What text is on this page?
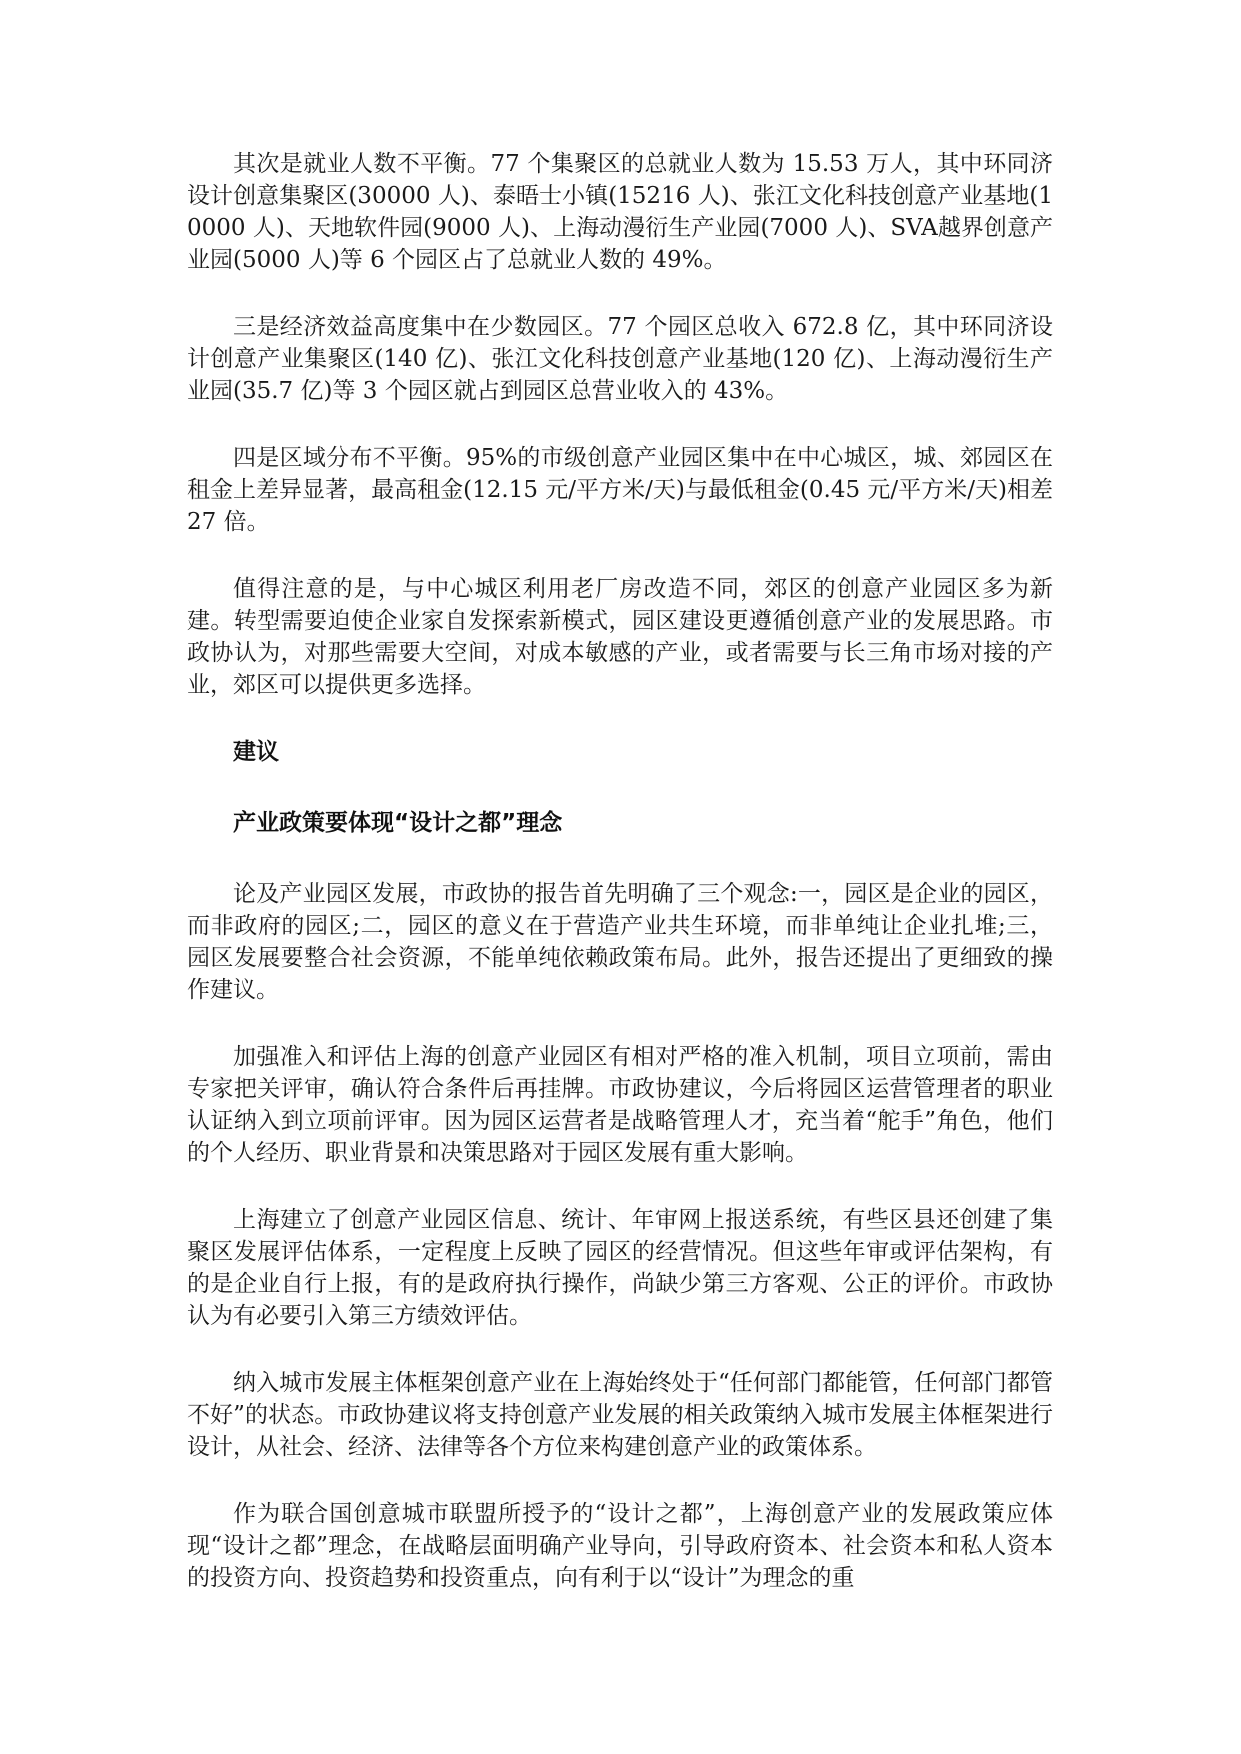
其次是就业人数不平衡。77 个集聚区的总就业人数为 15.53 万人，其中环同济设计创意集聚区(30000 人)、泰晤士小镇(15216 人)、张江文化科技创意产业基地(10000 人)、天地软件园(9000 人)、上海动漫衍生产业园(7000 人)、SVA越界创意产业园(5000 人)等 6 个园区占了总就业人数的 49%。

三是经济效益高度集中在少数园区。77 个园区总收入 672.8 亿，其中环同济设计创意产业集聚区(140 亿)、张江文化科技创意产业基地(120 亿)、上海动漫衍生产业园(35.7 亿)等 3 个园区就占到园区总营业收入的 43%。

四是区域分布不平衡。95%的市级创意产业园区集中在中心城区，城、郊园区在租金上差异显著，最高租金(12.15 元/平方米/天)与最低租金(0.45 元/平方米/天)相差 27 倍。

值得注意的是，与中心城区利用老厂房改造不同，郊区的创意产业园区多为新建。转型需要迫使企业家自发探索新模式，园区建设更遵循创意产业的发展思路。市政协认为，对那些需要大空间，对成本敏感的产业，或者需要与长三角市场对接的产业，郊区可以提供更多选择。

建议
产业政策要体现“设计之都”理念

论及产业园区发展，市政协的报告首先明确了三个观念:一，园区是企业的园区，而非政府的园区;二，园区的意义在于营造产业共生环境，而非单纯让企业扎堆;三，园区发展要整合社会资源，不能单纯依赖政策布局。此外，报告还提出了更细致的操作建议。

加强准入和评估上海的创意产业园区有相对严格的准入机制，项目立项前，需由专家把关评审，确认符合条件后再挂牌。市政协建议，今后将园区运营管理者的职业认证纳入到立项前评审。因为园区运营者是战略管理人才，充当着“舵手”角色，他们的个人经历、职业背景和决策思路对于园区发展有重大影响。

上海建立了创意产业园区信息、统计、年审网上报送系统，有些区县还创建了集聚区发展评估体系，一定程度上反映了园区的经营情况。但这些年审或评估架构，有的是企业自行上报，有的是政府执行操作，尚缺少第三方客观、公正的评价。市政协认为有必要引入第三方绩效评估。

纳入城市发展主体框架创意产业在上海始终处于“任何部门都能管，任何部门都管不好”的状态。市政协建议将支持创意产业发展的相关政策纳入城市发展主体框架进行设计，从社会、经济、法律等各个方位来构建创意产业的政策体系。

作为联合国创意城市联盟所授予的“设计之都”，上海创意产业的发展政策应体现“设计之都”理念，在战略层面明确产业导向，引导政府资本、社会资本和私人资本的投资方向、投资趋势和投资重点，向有利于以“设计”为理念的重
